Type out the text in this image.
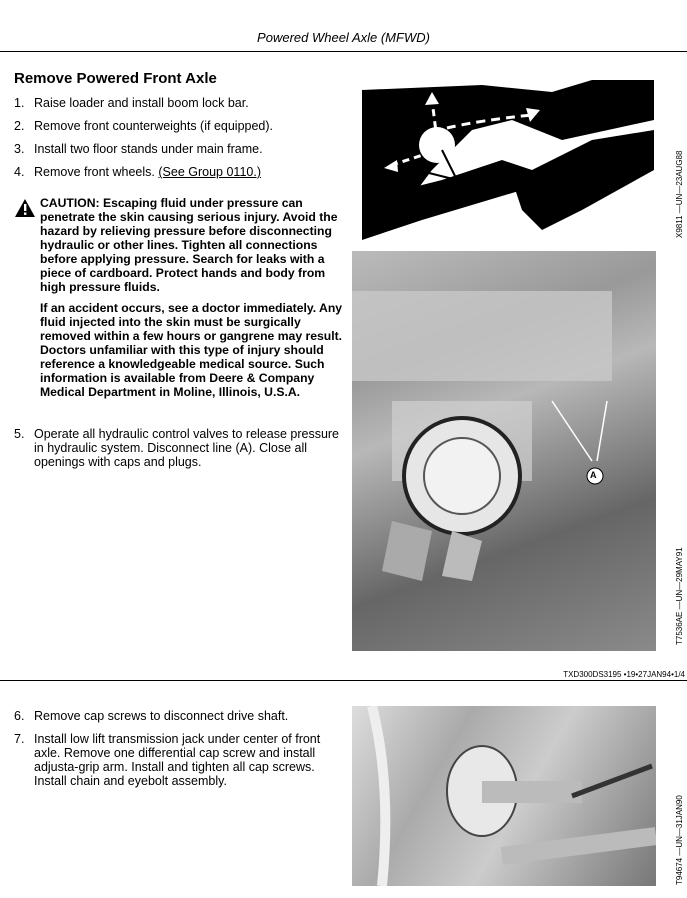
Powered Wheel Axle (MFWD)
Remove Powered Front Axle
1. Raise loader and install boom lock bar.
2. Remove front counterweights (if equipped).
3. Install two floor stands under main frame.
4. Remove front wheels. (See Group 0110.)
CAUTION: Escaping fluid under pressure can penetrate the skin causing serious injury. Avoid the hazard by relieving pressure before disconnecting hydraulic or other lines. Tighten all connections before applying pressure. Search for leaks with a piece of cardboard. Protect hands and body from high pressure fluids.
If an accident occurs, see a doctor immediately. Any fluid injected into the skin must be surgically removed within a few hours or gangrene may result. Doctors unfamiliar with this type of injury should reference a knowledgeable medical source. Such information is available from Deere & Company Medical Department in Moline, Illinois, U.S.A.
5. Operate all hydraulic control valves to release pressure in hydraulic system. Disconnect line (A). Close all openings with caps and plugs.
X9811 —UN—23AUG88
A
T7536AE —UN—29MAY91
TXD300DS3195 •19•27JAN94•1/4
6. Remove cap screws to disconnect drive shaft.
7. Install low lift transmission jack under center of front axle. Remove one differential cap screw and install adjusta-grip arm. Install and tighten all cap screws. Install chain and eyebolt assembly.
T94674 —UN—31JAN90
